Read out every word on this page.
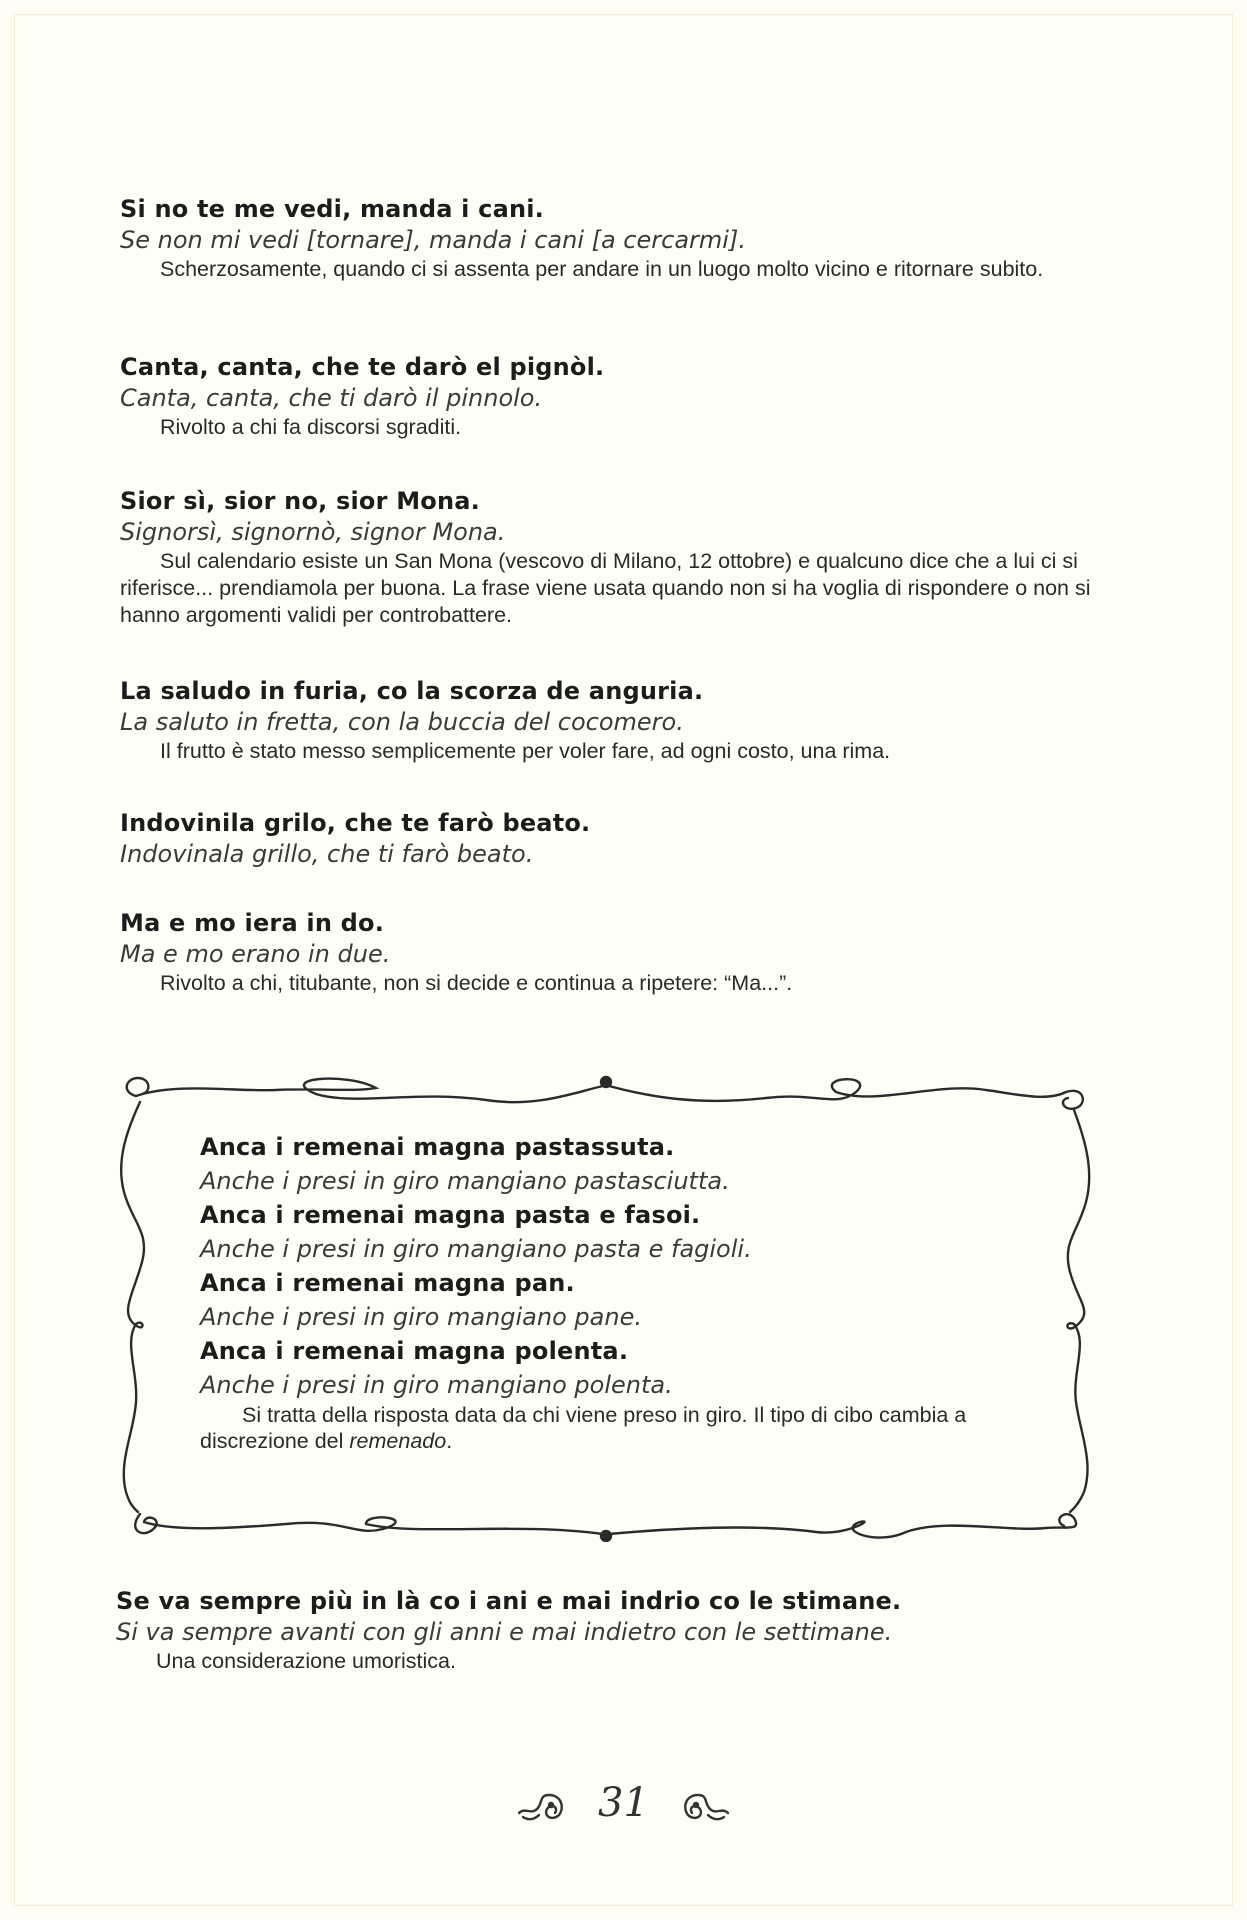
Si no te me vedi, manda i cani.
Se non mi vedi [tornare], manda i cani [a cercarmi].
Scherzosamente, quando ci si assenta per andare in un luogo molto vicino e ritornare subito.
Canta, canta, che te darò el pignòl.
Canta, canta, che ti darò il pinnolo.
Rivolto a chi fa discorsi sgraditi.
Sior sì, sior no, sior Mona.
Signorsì, signornò, signor Mona.
Sul calendario esiste un San Mona (vescovo di Milano, 12 ottobre) e qualcuno dice che a lui ci si riferisce... prendiamola per buona. La frase viene usata quando non si ha voglia di rispondere o non si hanno argomenti validi per controbattere.
La saludo in furia, co la scorza de anguria.
La saluto in fretta, con la buccia del cocomero.
Il frutto è stato messo semplicemente per voler fare, ad ogni costo, una rima.
Indovinila grilo, che te farò beato.
Indovinala grillo, che ti farò beato.
Ma e mo iera in do.
Ma e mo erano in due.
Rivolto a chi, titubante, non si decide e continua a ripetere: “Ma...”.
Anca i remenai magna pastassuta.
Anche i presi in giro mangiano pastasciutta.
Anca i remenai magna pasta e fasoi.
Anche i presi in giro mangiano pasta e fagioli.
Anca i remenai magna pan.
Anche i presi in giro mangiano pane.
Anca i remenai magna polenta.
Anche i presi in giro mangiano polenta.
Si tratta della risposta data da chi viene preso in giro. Il tipo di cibo cambia a discrezione del remenado.
Se va sempre più in là co i ani e mai indrio co le stimane.
Si va sempre avanti con gli anni e mai indietro con le settimane.
Una considerazione umoristica.
31
